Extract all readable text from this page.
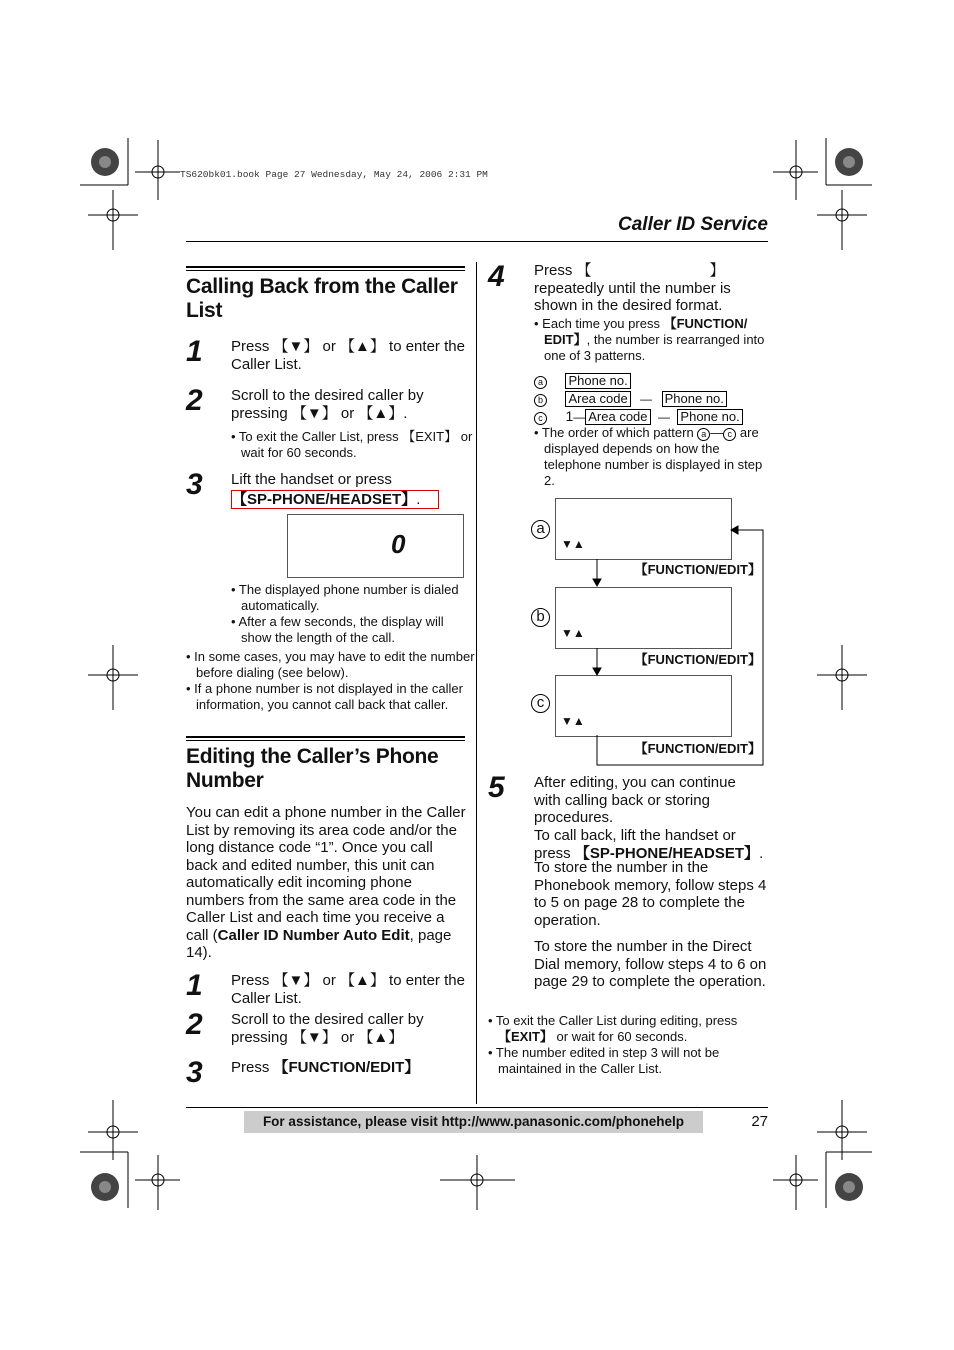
TS620bk01.book Page 27 Wednesday, May 24, 2006 2:31 PM
Caller ID Service
Calling Back from the Caller List
1 Press 【▼】 or 【▲】 to enter the Caller List.
2 Scroll to the desired caller by pressing 【▼】 or 【▲】.
• To exit the Caller List, press 【EXIT】 or wait for 60 seconds.
3 Lift the handset or press
【SP-PHONE/HEADSET】.
0
• The displayed phone number is dialed automatically.
• After a few seconds, the display will show the length of the call.
• In some cases, you may have to edit the number before dialing (see below).
• If a phone number is not displayed in the caller information, you cannot call back that caller.
Editing the Caller’s Phone Number
You can edit a phone number in the Caller List by removing its area code and/or the long distance code “1”. Once you call back and edited number, this unit can automatically edit incoming phone numbers from the same area code in the Caller List and each time you receive a call (Caller ID Number Auto Edit, page 14).
1 Press 【▼】 or 【▲】 to enter the Caller List.
2 Scroll to the desired caller by pressing 【▼】 or 【▲】
3 Press 【FUNCTION/EDIT】
4 Press 【	】
repeatedly until the number is shown in the desired format.
• Each time you press 【FUNCTION/ EDIT】, the number is rearranged into one of 3 patterns.
a Phone no.
b Area code — Phone no.
c 1— Area code — Phone no.
• The order of which pattern a — c are displayed depends on how the telephone number is displayed in step 2.
a
▼▲
【FUNCTION/EDIT】
b
▼▲
【FUNCTION/EDIT】
c
▼▲
【FUNCTION/EDIT】
5 After editing, you can continue with calling back or storing procedures.
To call back, lift the handset or press 【SP-PHONE/HEADSET】.
To store the number in the Phonebook memory, follow steps 4 to 5 on page 28 to complete the operation.
To store the number in the Direct Dial memory, follow steps 4 to 6 on page 29 to complete the operation.
• To exit the Caller List during editing, press 【EXIT】 or wait for 60 seconds.
• The number edited in step 3 will not be maintained in the Caller List.
For assistance, please visit http://www.panasonic.com/phonehelp	27
